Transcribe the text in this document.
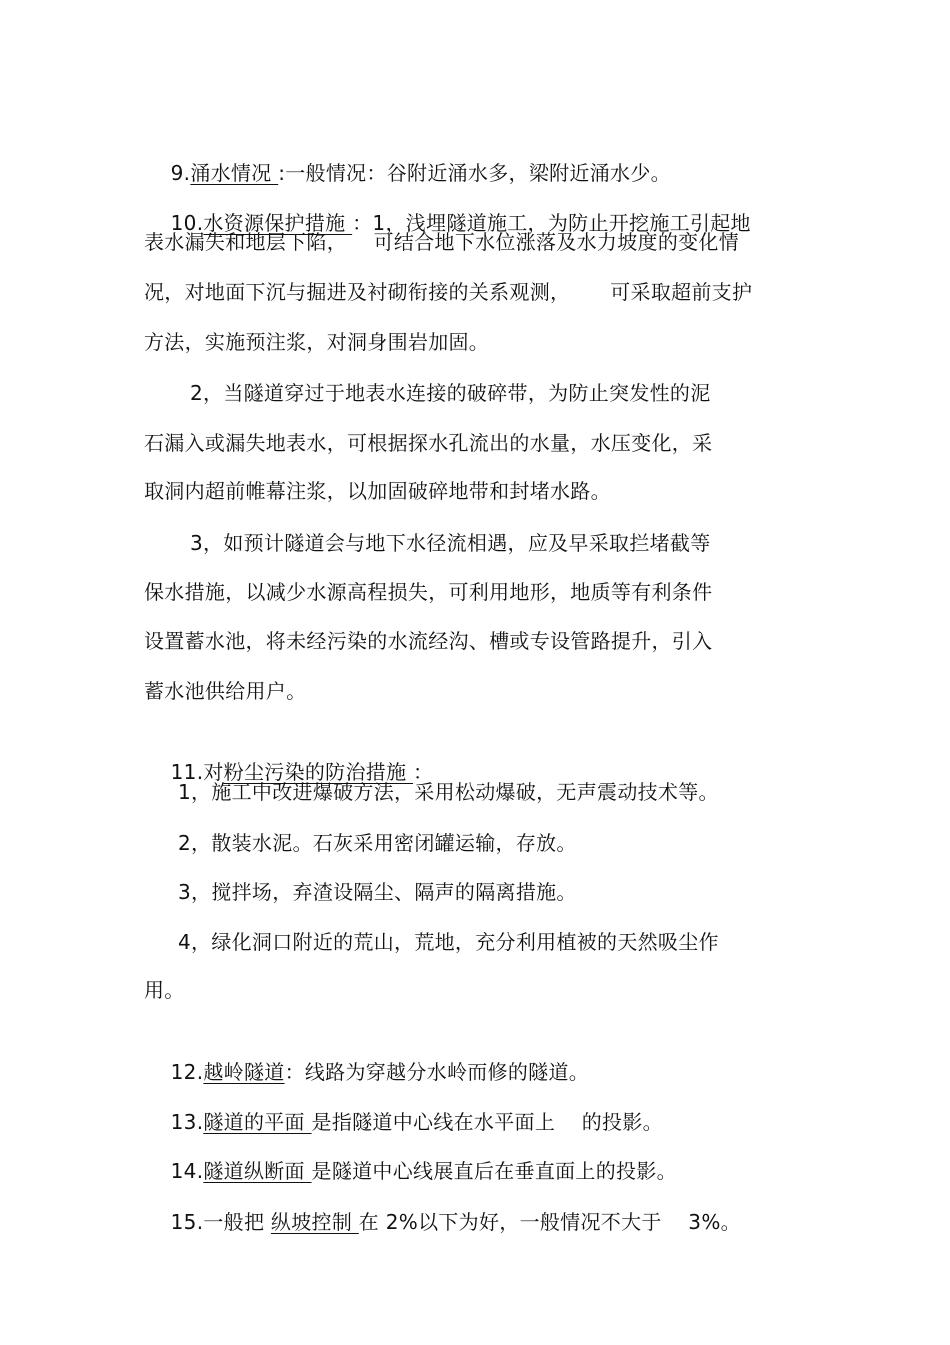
9.涌水情况 :一般情况：谷附近涌水多，梁附近涌水少。

10.水资源保护措施 ：1，浅埋隧道施工，为防止开挖施工引起地

表水漏失和地层下陷，    可结合地下水位涨落及水力坡度的变化情
况，对地面下沉与掘进及衬砌衔接的关系观测，      可采取超前支护
方法，实施预注浆，对洞身围岩加固。
2，当隧道穿过于地表水连接的破碎带，为防止突发性的泥
石漏入或漏失地表水，可根据探水孔流出的水量，水压变化，采
取洞内超前帷幕注浆，以加固破碎地带和封堵水路。
3，如预计隧道会与地下水径流相遇，应及早采取拦堵截等
保水措施，以减少水源高程损失，可利用地形，地质等有利条件
设置蓄水池，将未经污染的水流经沟、槽或专设管路提升，引入
蓄水池供给用户。

11.对粉尘污染的防治措施 ：

1，施工中改进爆破方法，采用松动爆破，无声震动技术等。
2，散装水泥。石灰采用密闭罐运输，存放。
3，搅拌场，弃渣设隔尘、隔声的隔离措施。
4，绿化洞口附近的荒山，荒地，充分利用植被的天然吸尘作
用。

12.越岭隧道：线路为穿越分水岭而修的隧道。

13.隧道的平面 是指隧道中心线在水平面上    的投影。

14.隧道纵断面 是隧道中心线展直后在垂直面上的投影。

15.一般把 纵坡控制 在 2%以下为好，一般情况不大于    3%。
